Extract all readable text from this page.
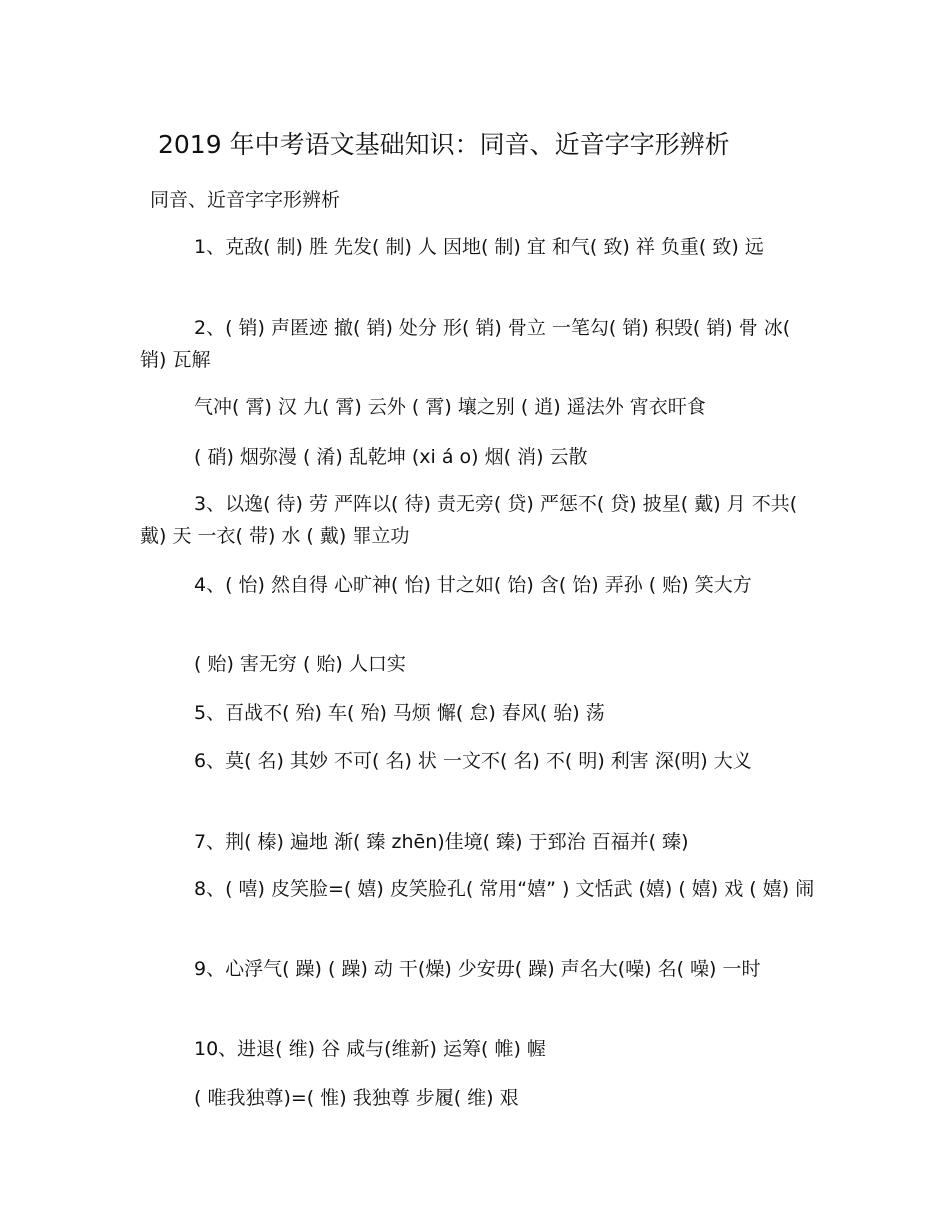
2019 年中考语文基础知识：同音、近音字字形辨析

同音、近音字字形辨析

1、克敌( 制) 胜 先发( 制) 人 因地( 制) 宜 和气( 致) 祥 负重( 致) 远

2、( 销) 声匿迹 撤( 销) 处分 形( 销) 骨立 一笔勾( 销) 积毁( 销) 骨 冰( 销) 瓦解

气冲( 霄) 汉 九( 霄) 云外 ( 霄) 壤之别 ( 逍) 遥法外 宵衣旰食

( 硝) 烟弥漫 ( 淆) 乱乾坤 (xi á o) 烟( 消) 云散

3、以逸( 待) 劳 严阵以( 待) 责无旁( 贷) 严惩不( 贷) 披星( 戴) 月 不共( 戴) 天 一衣( 带) 水 ( 戴) 罪立功

4、( 怡) 然自得 心旷神( 怡) 甘之如( 饴) 含( 饴) 弄孙 ( 贻) 笑大方

( 贻) 害无穷 ( 贻) 人口实

5、百战不( 殆) 车( 殆) 马烦 懈( 怠) 春风( 骀) 荡

6、莫( 名) 其妙 不可( 名) 状 一文不( 名) 不( 明) 利害 深(明) 大义

7、荆( 榛) 遍地 渐( 臻 zhēn)佳境( 臻) 于郅治 百福并( 臻)

8、( 嘻) 皮笑脸=( 嬉) 皮笑脸孔( 常用“嬉” ) 文恬武 (嬉) ( 嬉) 戏 ( 嬉) 闹

9、心浮气( 躁) ( 躁) 动 干(燥) 少安毋( 躁) 声名大(噪) 名( 噪) 一时

10、进退( 维) 谷 咸与(维新) 运筹( 帷) 幄

( 唯我独尊)=( 惟) 我独尊 步履( 维) 艰
